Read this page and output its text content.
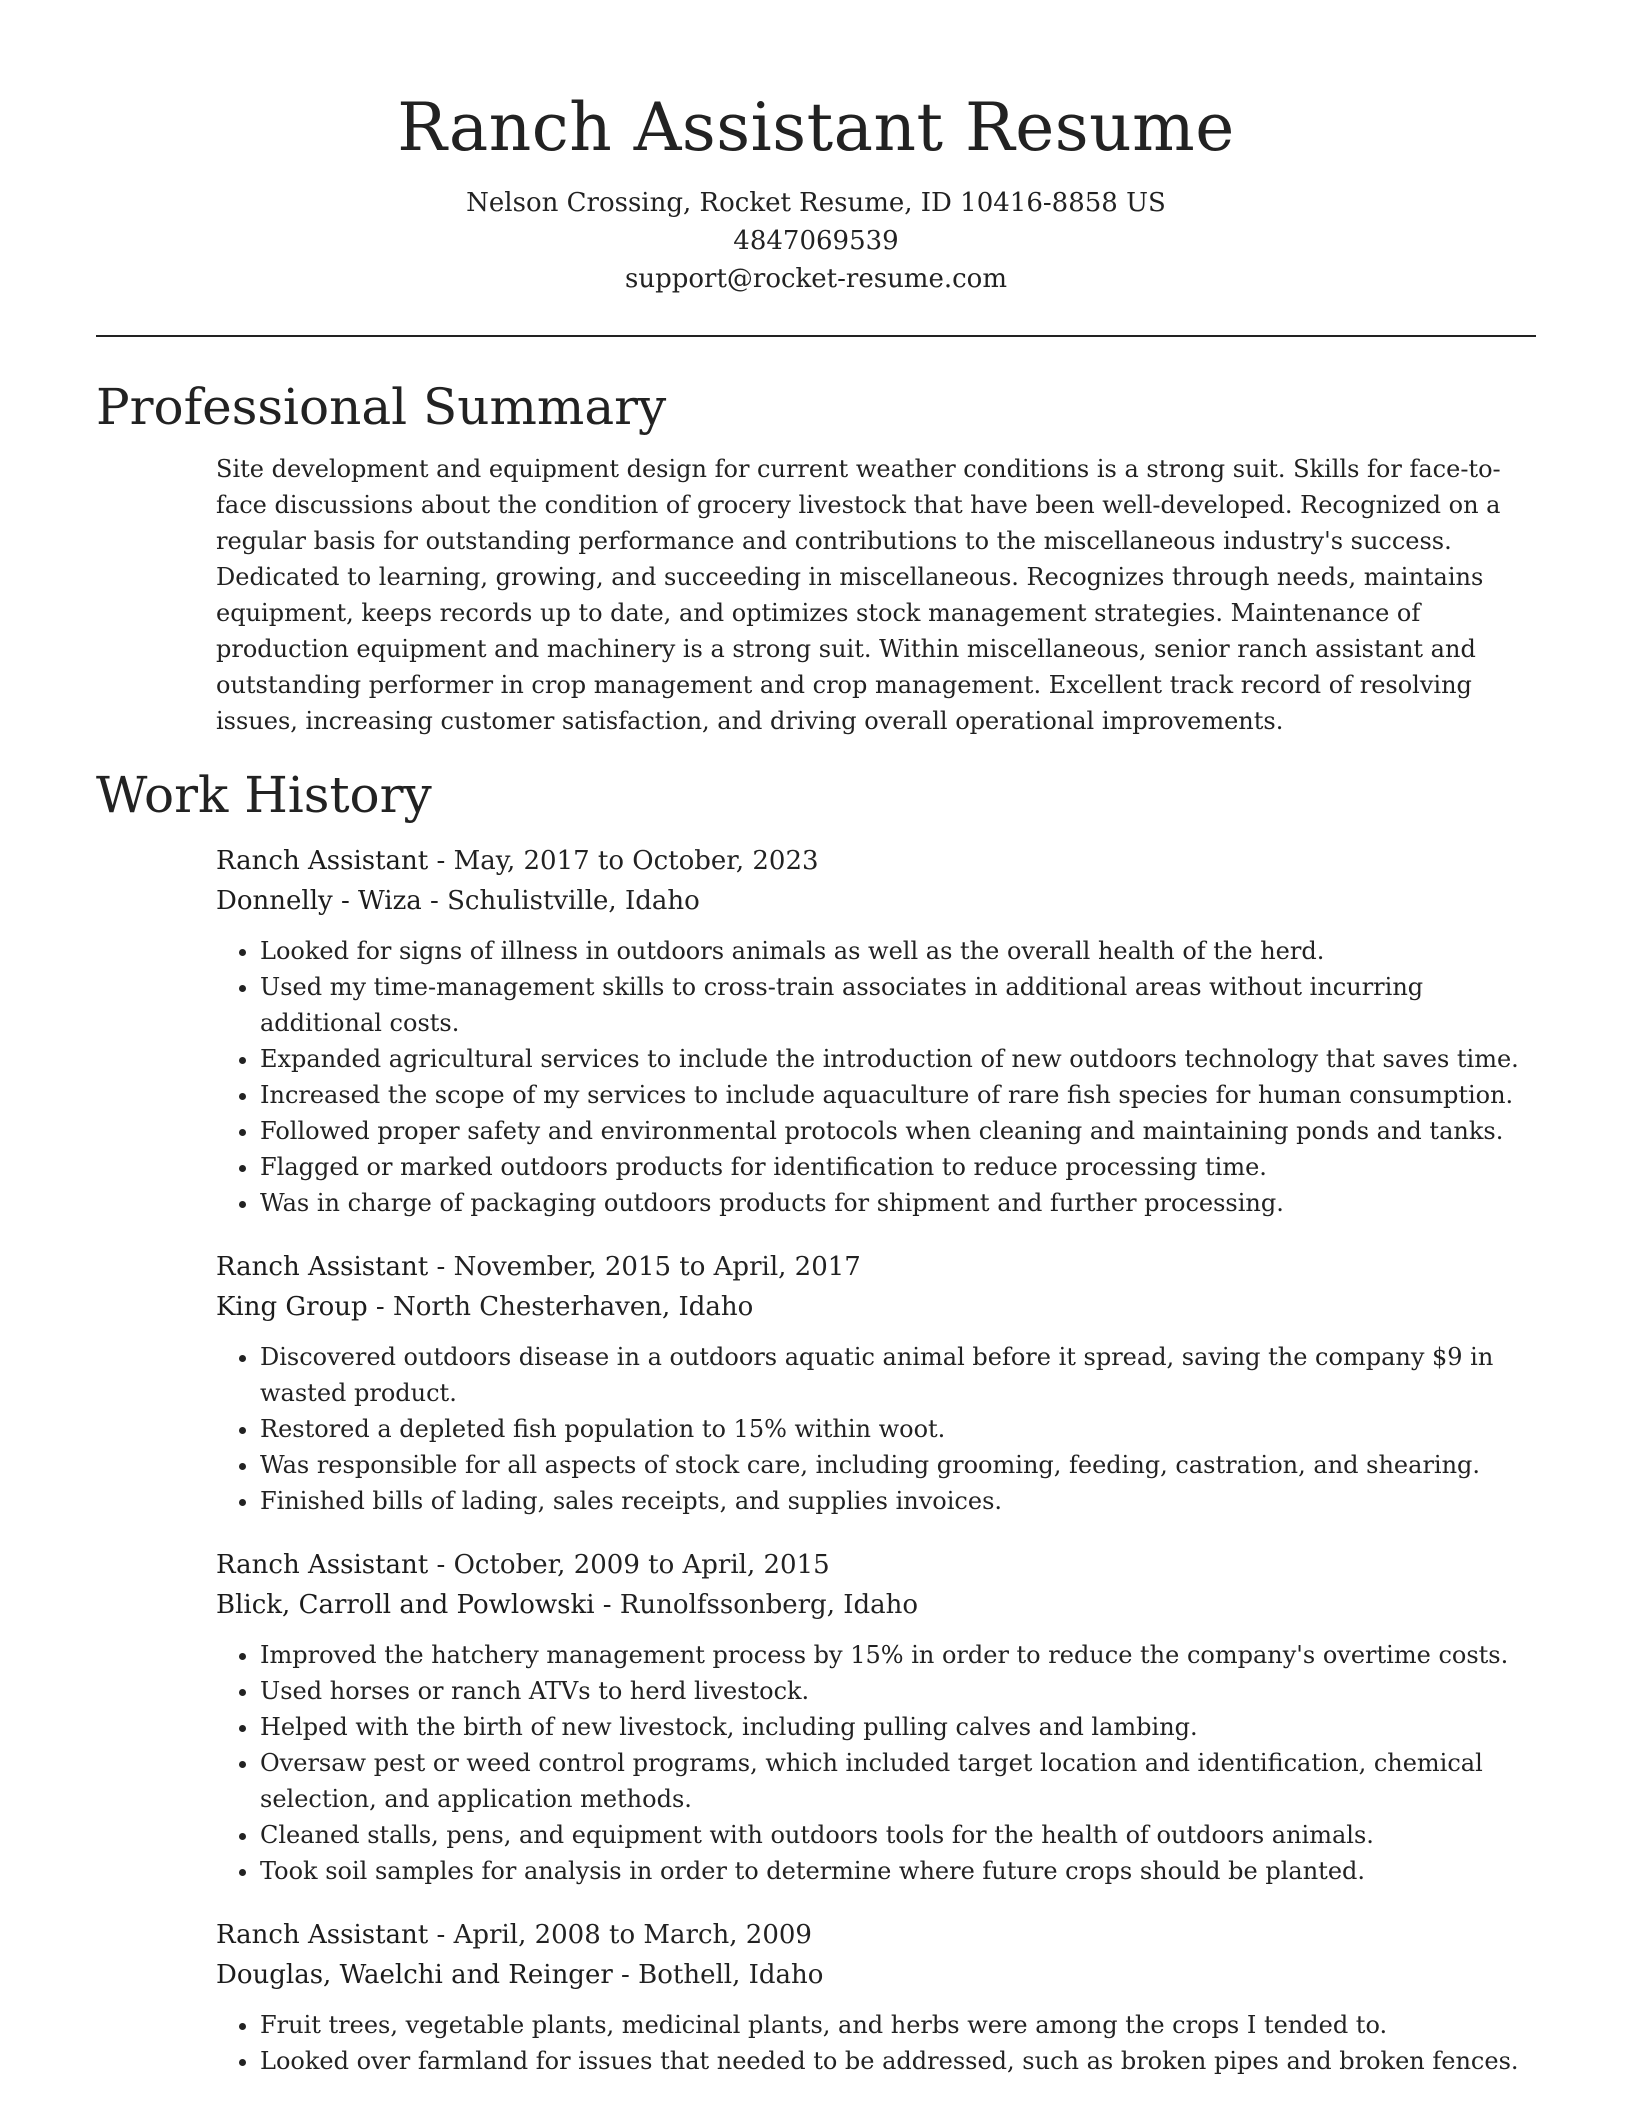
Ranch Assistant Resume
Nelson Crossing, Rocket Resume, ID 10416-8858 US
4847069539
support@rocket-resume.com
Professional Summary
Site development and equipment design for current weather conditions is a strong suit. Skills for face-to-face discussions about the condition of grocery livestock that have been well-developed. Recognized on a regular basis for outstanding performance and contributions to the miscellaneous industry's success. Dedicated to learning, growing, and succeeding in miscellaneous. Recognizes through needs, maintains equipment, keeps records up to date, and optimizes stock management strategies. Maintenance of production equipment and machinery is a strong suit. Within miscellaneous, senior ranch assistant and outstanding performer in crop management and crop management. Excellent track record of resolving issues, increasing customer satisfaction, and driving overall operational improvements.
Work History
Ranch Assistant - May, 2017 to October, 2023
Donnelly - Wiza - Schulistville, Idaho
• Looked for signs of illness in outdoors animals as well as the overall health of the herd.
• Used my time-management skills to cross-train associates in additional areas without incurring additional costs.
• Expanded agricultural services to include the introduction of new outdoors technology that saves time.
• Increased the scope of my services to include aquaculture of rare fish species for human consumption.
• Followed proper safety and environmental protocols when cleaning and maintaining ponds and tanks.
• Flagged or marked outdoors products for identification to reduce processing time.
• Was in charge of packaging outdoors products for shipment and further processing.
Ranch Assistant - November, 2015 to April, 2017
King Group - North Chesterhaven, Idaho
• Discovered outdoors disease in a outdoors aquatic animal before it spread, saving the company $9 in wasted product.
• Restored a depleted fish population to 15% within woot.
• Was responsible for all aspects of stock care, including grooming, feeding, castration, and shearing.
• Finished bills of lading, sales receipts, and supplies invoices.
Ranch Assistant - October, 2009 to April, 2015
Blick, Carroll and Powlowski - Runolfssonberg, Idaho
• Improved the hatchery management process by 15% in order to reduce the company's overtime costs.
• Used horses or ranch ATVs to herd livestock.
• Helped with the birth of new livestock, including pulling calves and lambing.
• Oversaw pest or weed control programs, which included target location and identification, chemical selection, and application methods.
• Cleaned stalls, pens, and equipment with outdoors tools for the health of outdoors animals.
• Took soil samples for analysis in order to determine where future crops should be planted.
Ranch Assistant - April, 2008 to March, 2009
Douglas, Waelchi and Reinger - Bothell, Idaho
• Fruit trees, vegetable plants, medicinal plants, and herbs were among the crops I tended to.
• Looked over farmland for issues that needed to be addressed, such as broken pipes and broken fences.
